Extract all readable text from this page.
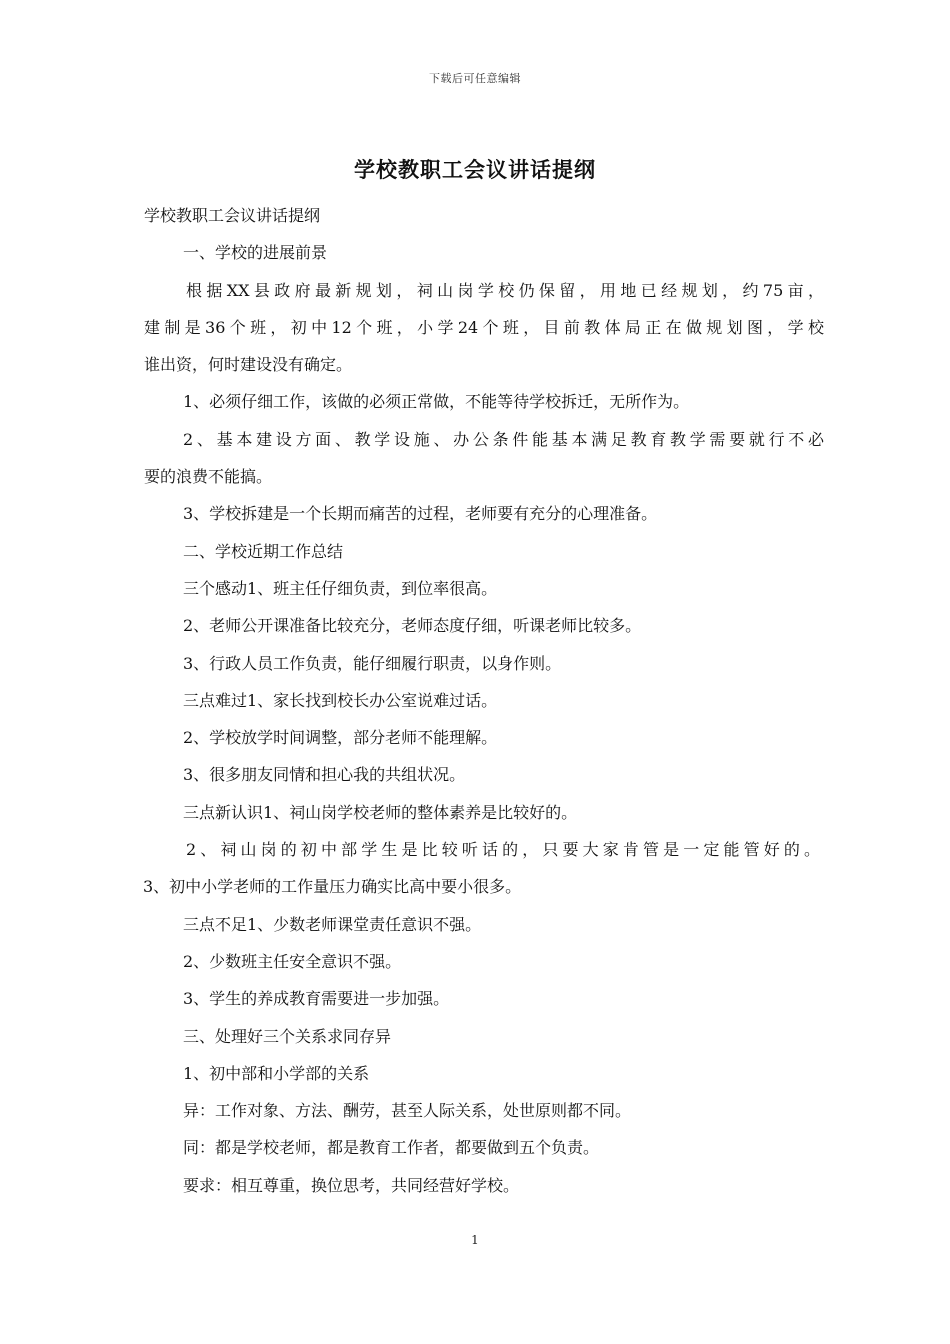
下载后可任意编辑
学校教职工会议讲话提纲
学校教职工会议讲话提纲
一、学校的进展前景
根据XX县政府最新规划，祠山岗学校仍保留，用地已经规划，约75亩，
建制是36个班，初中12个班，小学24个班，目前教体局正在做规划图，学校
谁出资，何时建设没有确定。
1、必须仔细工作，该做的必须正常做，不能等待学校拆迁，无所作为。
2、基本建设方面、教学设施、办公条件能基本满足教育教学需要就行不必
要的浪费不能搞。
3、学校拆建是一个长期而痛苦的过程，老师要有充分的心理准备。
二、学校近期工作总结
三个感动1、班主任仔细负责，到位率很高。
2、老师公开课准备比较充分，老师态度仔细，听课老师比较多。
3、行政人员工作负责，能仔细履行职责，以身作则。
三点难过1、家长找到校长办公室说难过话。
2、学校放学时间调整，部分老师不能理解。
3、很多朋友同情和担心我的共组状况。
三点新认识1、祠山岗学校老师的整体素养是比较好的。
2、祠山岗的初中部学生是比较听话的，只要大家肯管是一定能管好的。
3、初中小学老师的工作量压力确实比高中要小很多。
三点不足1、少数老师课堂责任意识不强。
2、少数班主任安全意识不强。
3、学生的养成教育需要进一步加强。
三、处理好三个关系求同存异
1、初中部和小学部的关系
异：工作对象、方法、酬劳，甚至人际关系，处世原则都不同。
同：都是学校老师，都是教育工作者，都要做到五个负责。
要求：相互尊重，换位思考，共同经营好学校。
1
